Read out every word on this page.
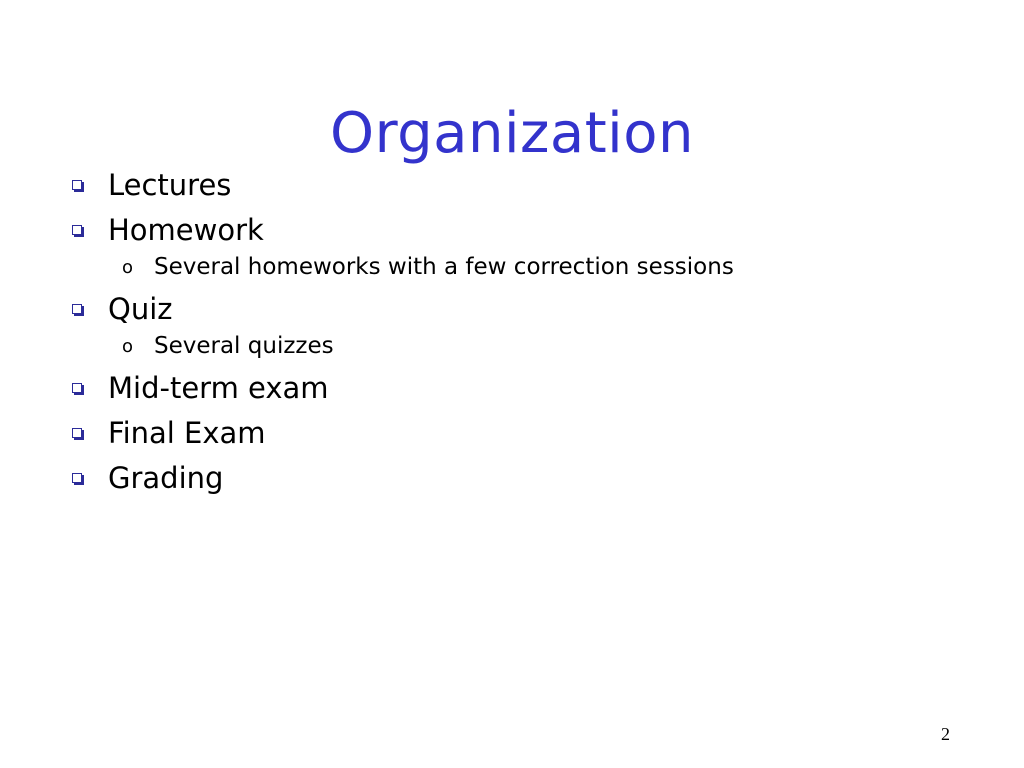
Organization
Lectures
Homework
o Several homeworks with a few correction sessions
Quiz
o Several quizzes
Mid-term exam
Final Exam
Grading
2
